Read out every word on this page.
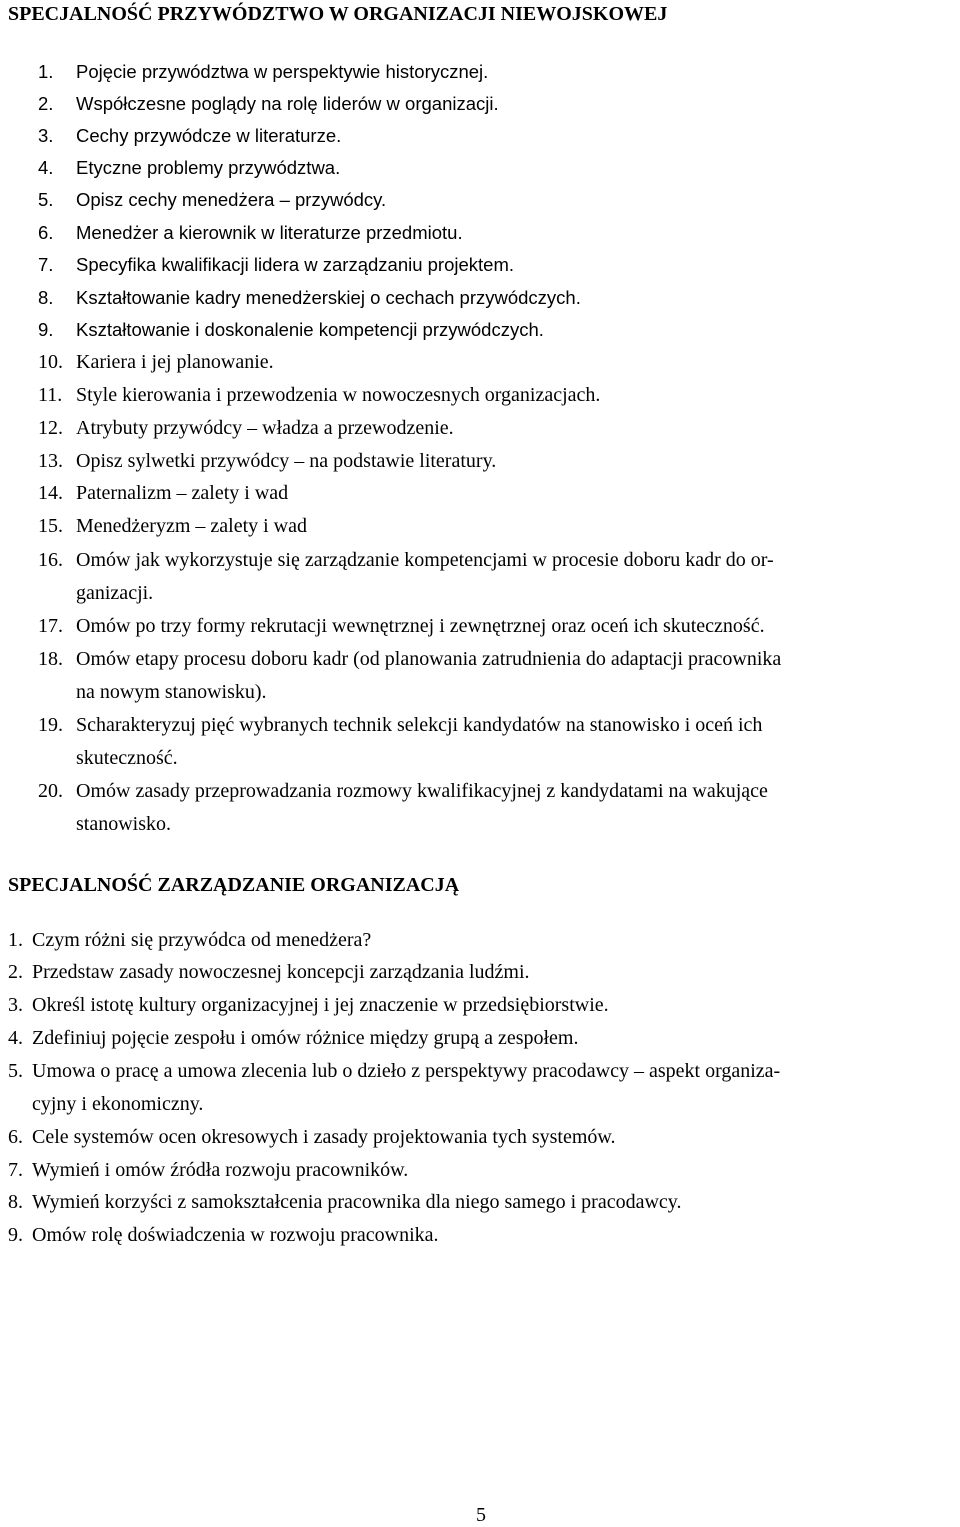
SPECJALNOŚĆ PRZYWÓDZTWO W ORGANIZACJI NIEWOJSKOWEJ
1. Pojęcie przywództwa w perspektywie historycznej.
2. Współczesne poglądy na rolę liderów w organizacji.
3. Cechy przywódcze w literaturze.
4. Etyczne problemy przywództwa.
5. Opisz cechy menedżera – przywódcy.
6. Menedżer a kierownik w literaturze przedmiotu.
7. Specyfika kwalifikacji lidera w zarządzaniu projektem.
8. Kształtowanie kadry menedżerskiej o cechach przywódczych.
9. Kształtowanie i doskonalenie kompetencji przywódczych.
10. Kariera i jej planowanie.
11. Style kierowania i przewodzenia w nowoczesnych organizacjach.
12. Atrybuty przywódcy – władza a przewodzenie.
13. Opisz sylwetki przywódcy – na podstawie literatury.
14. Paternalizm – zalety i wad
15. Menedżeryzm – zalety i wad
16. Omów jak wykorzystuje się zarządzanie kompetencjami w procesie doboru kadr do or-
ganizacji.
17. Omów po trzy formy rekrutacji wewnętrznej i zewnętrznej oraz oceń ich skuteczność.
18. Omów etapy procesu doboru kadr (od planowania zatrudnienia do adaptacji pracownika
na nowym stanowisku).
19. Scharakteryzuj pięć wybranych technik selekcji kandydatów na stanowisko i oceń ich
skuteczność.
20. Omów zasady przeprowadzania rozmowy kwalifikacyjnej z kandydatami na wakujące
stanowisko.
SPECJALNOŚĆ ZARZĄDZANIE ORGANIZACJĄ
1. Czym różni się przywódca od menedżera?
2. Przedstaw zasady nowoczesnej koncepcji zarządzania ludźmi.
3. Określ istotę kultury organizacyjnej i jej znaczenie w przedsiębiorstwie.
4. Zdefiniuj pojęcie zespołu i omów różnice między grupą a zespołem.
5. Umowa o pracę a umowa zlecenia lub o dzieło z perspektywy pracodawcy – aspekt organiza-
cyjny i ekonomiczny.
6. Cele systemów ocen okresowych i zasady projektowania tych systemów.
7. Wymień i omów źródła rozwoju pracowników.
8. Wymień korzyści z samokształcenia pracownika dla niego samego i pracodawcy.
9. Omów rolę doświadczenia w rozwoju pracownika.
5
